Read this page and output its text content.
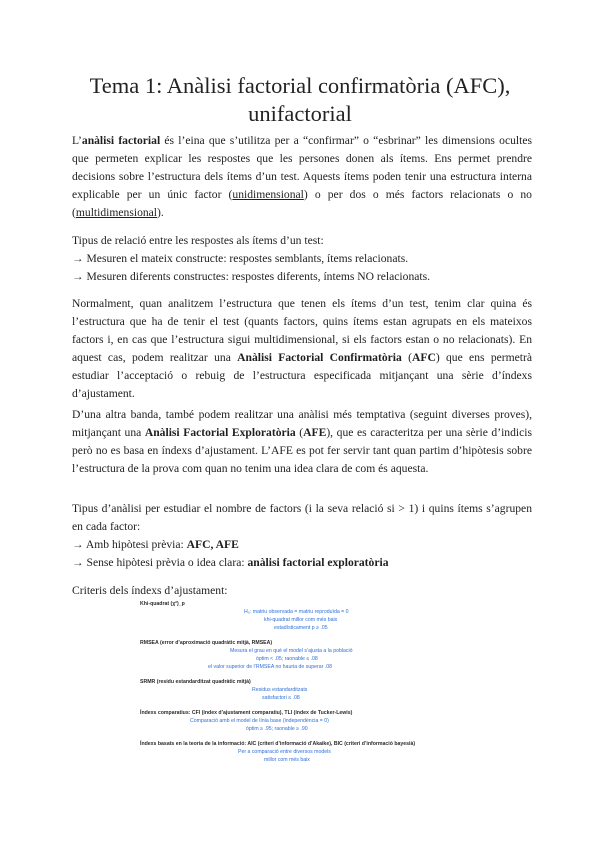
Tema 1: Anàlisi factorial confirmatòria (AFC),
unifactorial

L’anàlisi factorial és l’eina que s’utilitza per a “confirmar” o “esbrinar” les dimensions ocultes que permeten explicar les respostes que les persones donen als ítems. Ens permet prendre decisions sobre l’estructura dels ítems d’un test. Aquests ítems poden tenir una estructura interna explicable per un únic factor (unidimensional) o per dos o més factors relacionats o no (multidimensional).

Tipus de relació entre les respostes als ítems d’un test:
→ Mesuren el mateix constructe: respostes semblants, ítems relacionats.
→ Mesuren diferents constructes: respostes diferents, íntems NO relacionats.

Normalment, quan analitzem l’estructura que tenen els ítems d’un test, tenim clar quina és l’estructura que ha de tenir el test (quants factors, quins ítems estan agrupats en els mateixos factors i, en cas que l’estructura sigui multidimensional, si els factors estan o no relacionats). En aquest cas, podem realitzar una Anàlisi Factorial Confirmatòria (AFC) que ens permetrà estudiar l’acceptació o rebuig de l’estructura especificada mitjançant una sèrie d’índexs d’ajustament.

D’una altra banda, també podem realitzar una anàlisi més temptativa (seguint diverses proves), mitjançant una Anàlisi Factorial Exploratòria (AFE), que es caracteritza per una sèrie d’indicis però no es basa en índexs d’ajustament. L’AFE es pot fer servir tant quan partim d’hipòtesis sobre l’estructura de la prova com quan no tenim una idea clara de com és aquesta.

Tipus d’anàlisi per estudiar el nombre de factors (i la seva relació si > 1) i quins ítems s’agrupen en cada factor:
→ Amb hipòtesi prèvia: AFC, AFE
→ Sense hipòtesi prèvia o idea clara: anàlisi factorial exploratòria

Criteris dels índexs d’ajustament:

Khi-quadrat (χ²)_p
H₀: matriu observada = matriu reproduïda = 0
khi-quadrat millor com més baix
estadísticament p ≥ .05
RMSEA (error d’aproximació quadràtic mitjà, RMSEA)
Mesura el grau en què el model s’ajusta a la població
òptim < .05; raonable ≤ .08
el valor superior de l’RMSEA no hauria de superar .08
SRMR (residu estandarditzat quadràtic mitjà)
Residus estandarditzats
satisfactori ≤ .08
Índexs comparatius: CFI (índex d’ajustament comparatiu), TLI (índex de Tucker-Lewis)
Comparació amb el model de línia base (independència = 0)
òptim ≥ .95; raonable ≥ .90
Índexs basats en la teoria de la informació: AIC (criteri d’informació d’Akaike), BIC (criteri d’informació bayesià)
Per a comparació entre diversos models
millor com més baix
